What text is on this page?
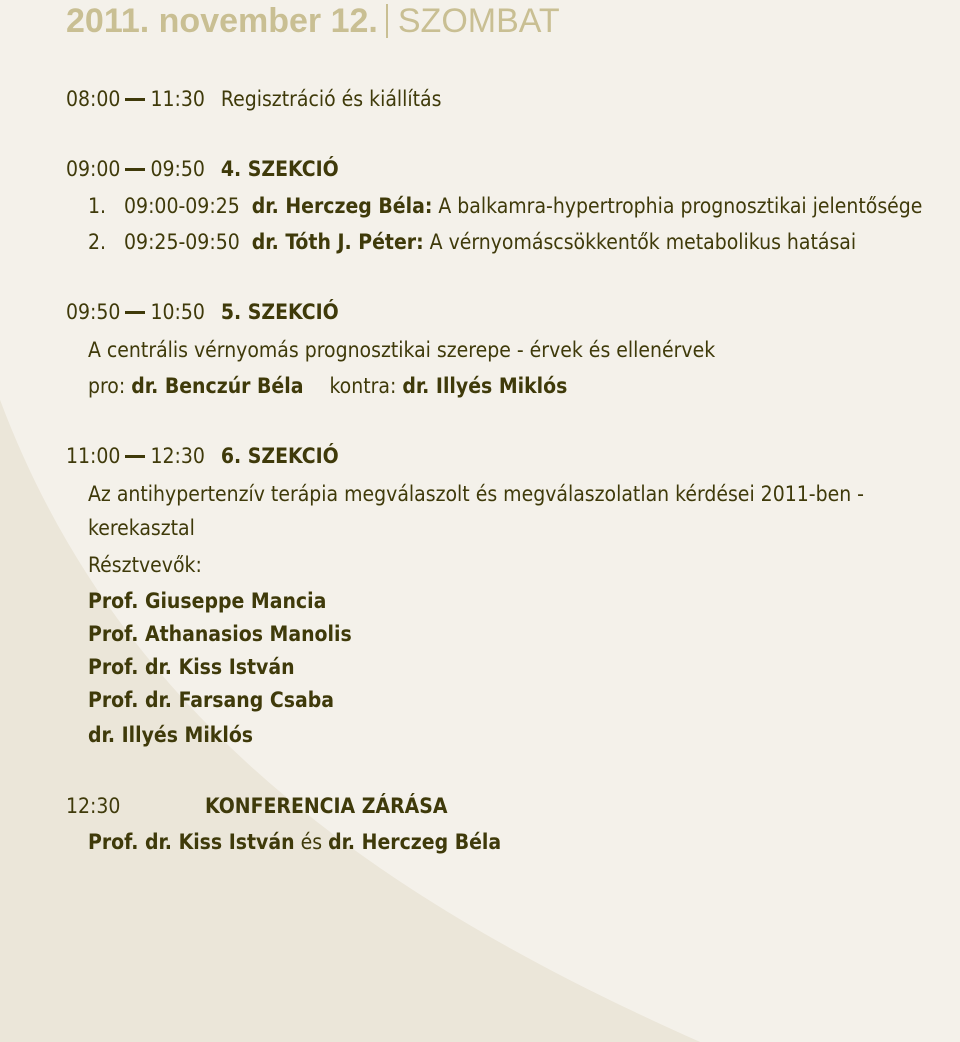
2011. november 12. SZOMBAT
08:00 11:30 Regisztráció és kiállítás
09:00 09:50 4. SZEKCIÓ
1. 09:00-09:25 dr. Herczeg Béla: A balkamra-hypertrophia prognosztikai jelentősége
2. 09:25-09:50 dr. Tóth J. Péter: A vérnyomáscsökkentők metabolikus hatásai
09:50 10:50 5. SZEKCIÓ
A centrális vérnyomás prognosztikai szerepe - érvek és ellenérvek
pro: dr. Benczúr Béla kontra: dr. Illyés Miklós
11:00 12:30 6. SZEKCIÓ
Az antihypertenzív terápia megválaszolt és megválaszolatlan kérdései 2011-ben -
kerekasztal
Résztvevők:
Prof. Giuseppe Mancia
Prof. Athanasios Manolis
Prof. dr. Kiss István
Prof. dr. Farsang Csaba
dr. Illyés Miklós
12:30	KONFERENCIA ZÁRÁSA
Prof. dr. Kiss István és dr. Herczeg Béla
